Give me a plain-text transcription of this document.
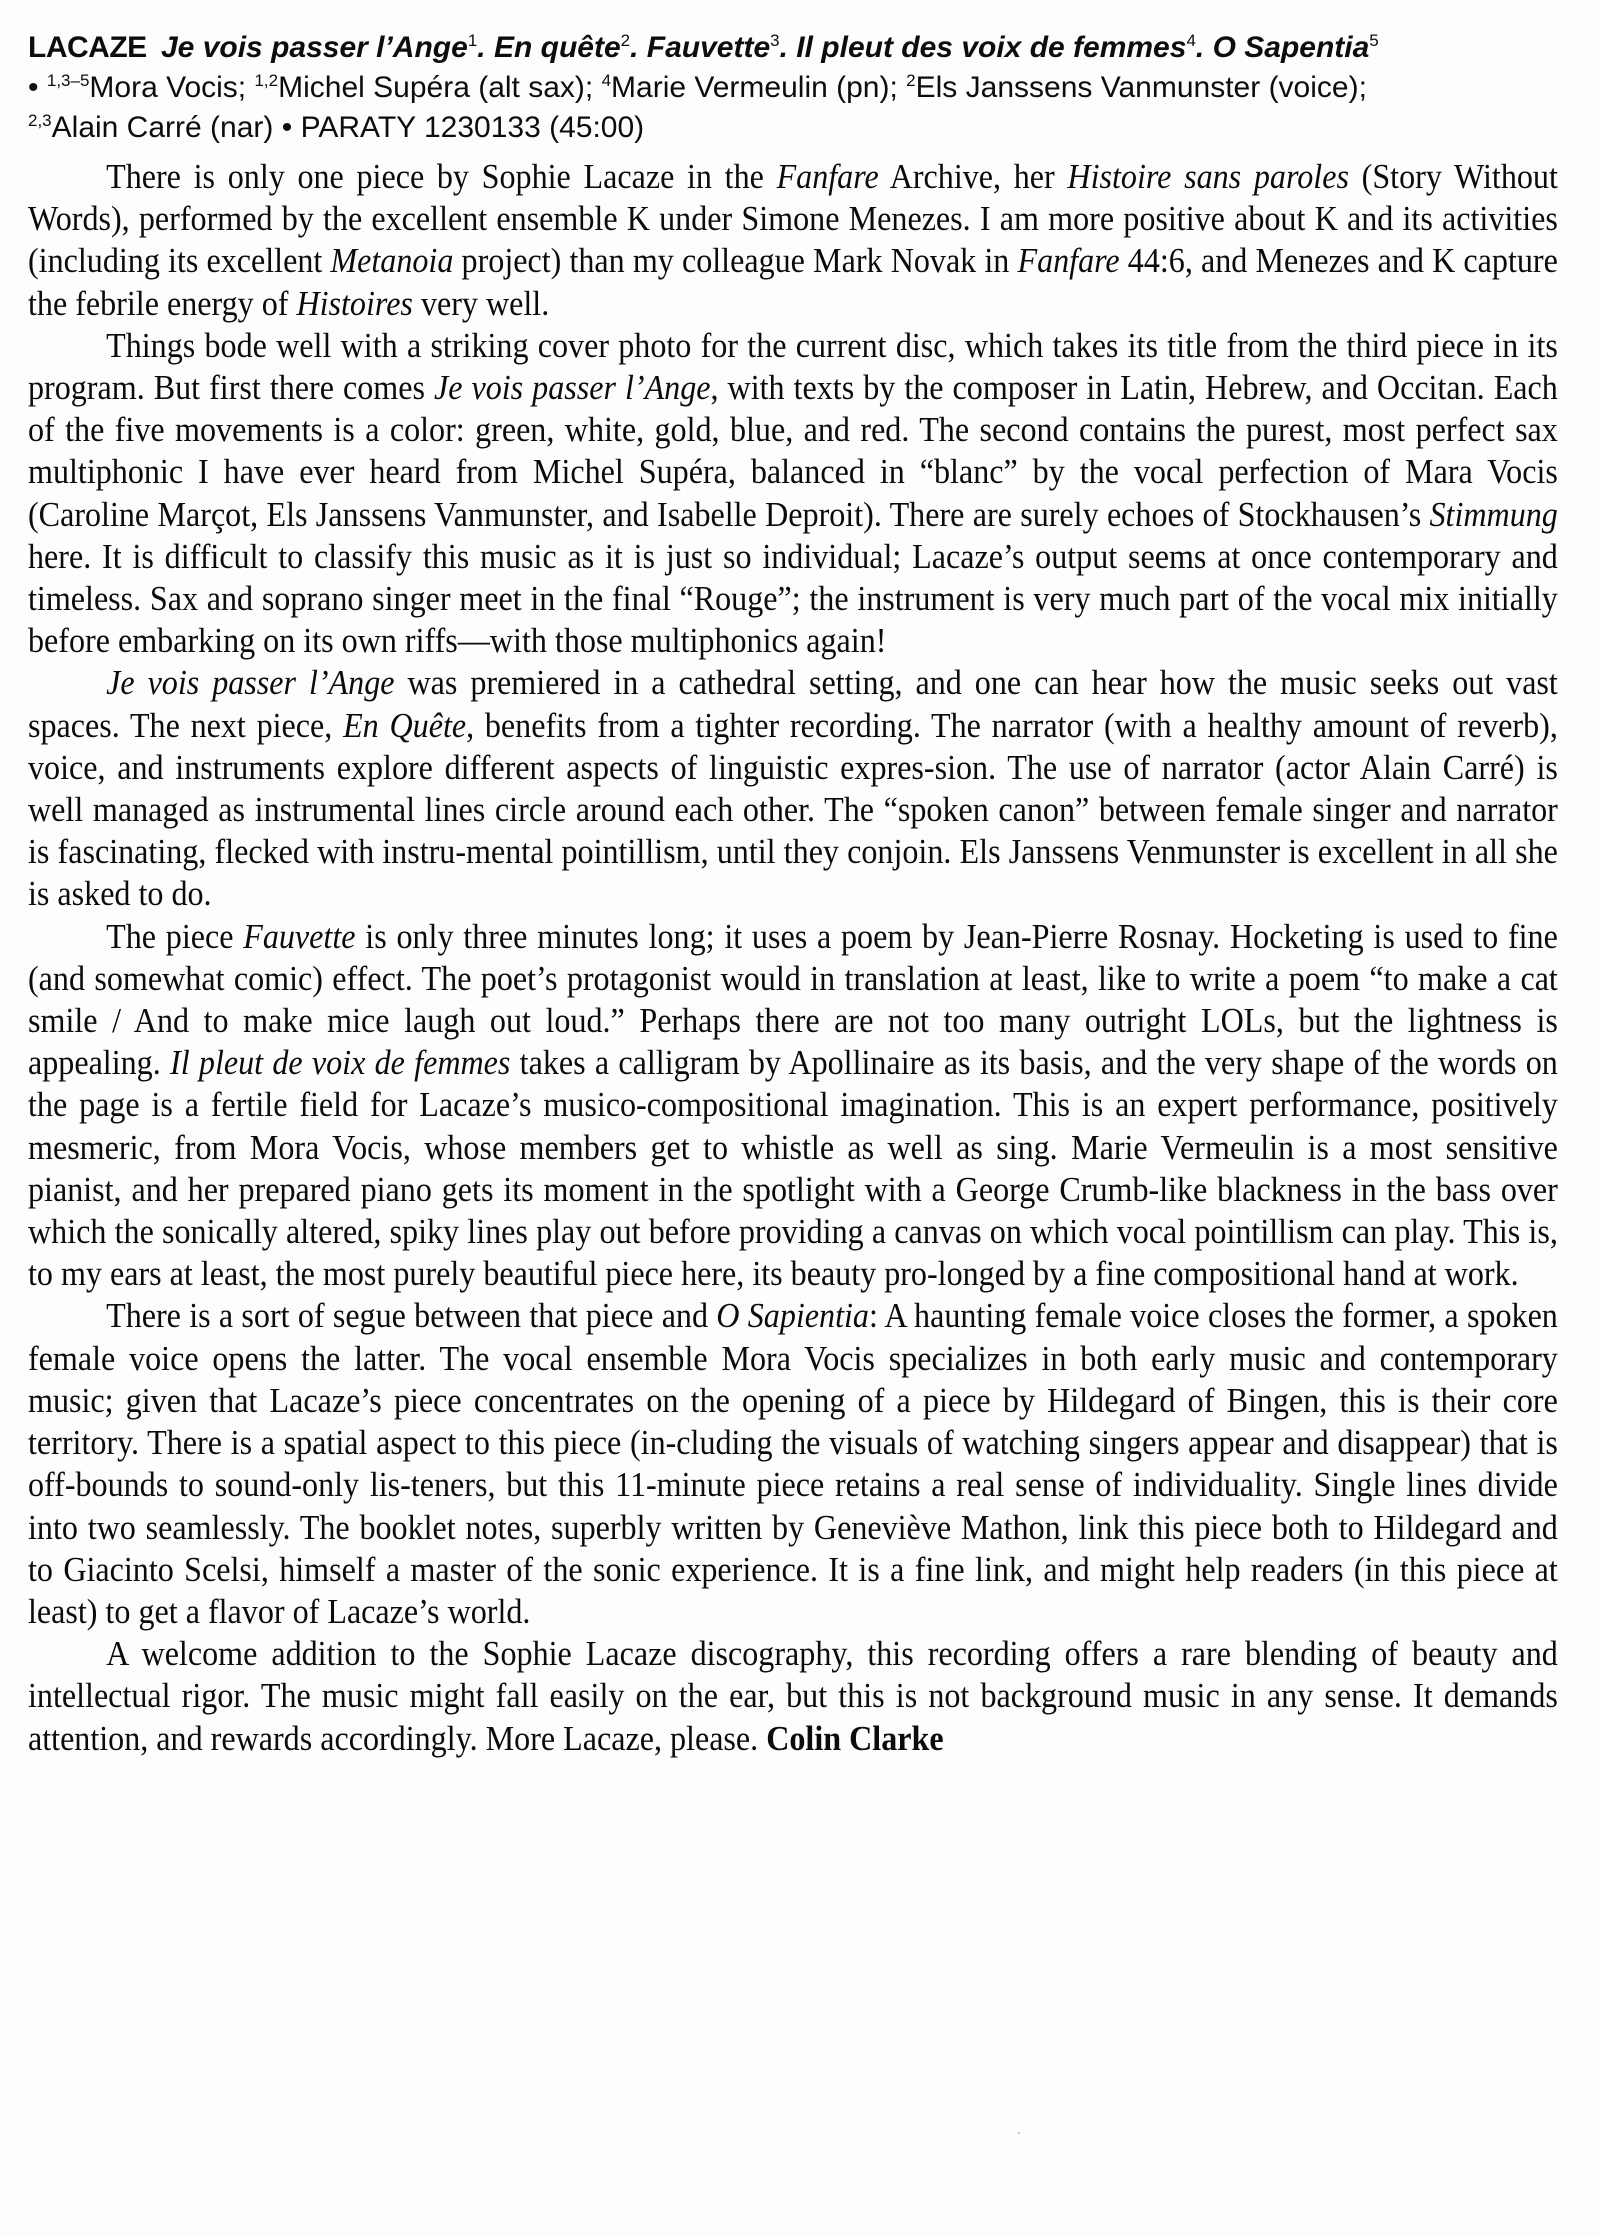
LACAZE Je vois passer l’Ange$^1$. En quête$^2$. Fauvette$^3$. Il pleut des voix de femmes$^4$. O Sapentia$^5$
• $^{1,3-5}$Mora Vocis; $^{1,2}$Michel Supéra (alt sax); $^4$Marie Vermeulin (pn); $^2$Els Janssens Vanmunster (voice);
$^{2,3}$Alain Carré (nar) • PARATY 1230133 (45:00)

There is only one piece by Sophie Lacaze in the Fanfare Archive, her Histoire sans paroles (Story Without Words), performed by the excellent ensemble K under Simone Menezes. I am more positive about K and its activities (including its excellent Metanoia project) than my colleague Mark Novak in Fanfare 44:6, and Menezes and K capture the febrile energy of Histoires very well.

Things bode well with a striking cover photo for the current disc, which takes its title from the third piece in its program. But first there comes Je vois passer l’Ange, with texts by the composer in Latin, Hebrew, and Occitan. Each of the five movements is a color: green, white, gold, blue, and red. The second contains the purest, most perfect sax multiphonic I have ever heard from Michel Supéra, balanced in “blanc” by the vocal perfection of Mara Vocis (Caroline Marçot, Els Janssens Vanmunster, and Isabelle Deproit). There are surely echoes of Stockhausen’s Stimmung here. It is difficult to classify this music as it is just so individual; Lacaze’s output seems at once contemporary and timeless. Sax and soprano singer meet in the final “Rouge”; the instrument is very much part of the vocal mix initially before embarking on its own riffs—with those multiphonics again!

Je vois passer l’Ange was premiered in a cathedral setting, and one can hear how the music seeks out vast spaces. The next piece, En Quête, benefits from a tighter recording. The narrator (with a healthy amount of reverb), voice, and instruments explore different aspects of linguistic expres-sion. The use of narrator (actor Alain Carré) is well managed as instrumental lines circle around each other. The “spoken canon” between female singer and narrator is fascinating, flecked with instru-mental pointillism, until they conjoin. Els Janssens Venmunster is excellent in all she is asked to do.

The piece Fauvette is only three minutes long; it uses a poem by Jean-Pierre Rosnay. Hocketing is used to fine (and somewhat comic) effect. The poet’s protagonist would in translation at least, like to write a poem “to make a cat smile / And to make mice laugh out loud.” Perhaps there are not too many outright LOLs, but the lightness is appealing. Il pleut de voix de femmes takes a calligram by Apollinaire as its basis, and the very shape of the words on the page is a fertile field for Lacaze’s musico-compositional imagination. This is an expert performance, positively mesmeric, from Mora Vocis, whose members get to whistle as well as sing. Marie Vermeulin is a most sensitive pianist, and her prepared piano gets its moment in the spotlight with a George Crumb-like blackness in the bass over which the sonically altered, spiky lines play out before providing a canvas on which vocal pointillism can play. This is, to my ears at least, the most purely beautiful piece here, its beauty pro-longed by a fine compositional hand at work.

There is a sort of segue between that piece and O Sapientia: A haunting female voice closes the former, a spoken female voice opens the latter. The vocal ensemble Mora Vocis specializes in both early music and contemporary music; given that Lacaze’s piece concentrates on the opening of a piece by Hildegard of Bingen, this is their core territory. There is a spatial aspect to this piece (in-cluding the visuals of watching singers appear and disappear) that is off-bounds to sound-only lis-teners, but this 11-minute piece retains a real sense of individuality. Single lines divide into two seamlessly. The booklet notes, superbly written by Geneviève Mathon, link this piece both to Hildegard and to Giacinto Scelsi, himself a master of the sonic experience. It is a fine link, and might help readers (in this piece at least) to get a flavor of Lacaze’s world.

A welcome addition to the Sophie Lacaze discography, this recording offers a rare blending of beauty and intellectual rigor. The music might fall easily on the ear, but this is not background music in any sense. It demands attention, and rewards accordingly. More Lacaze, please. Colin Clarke
